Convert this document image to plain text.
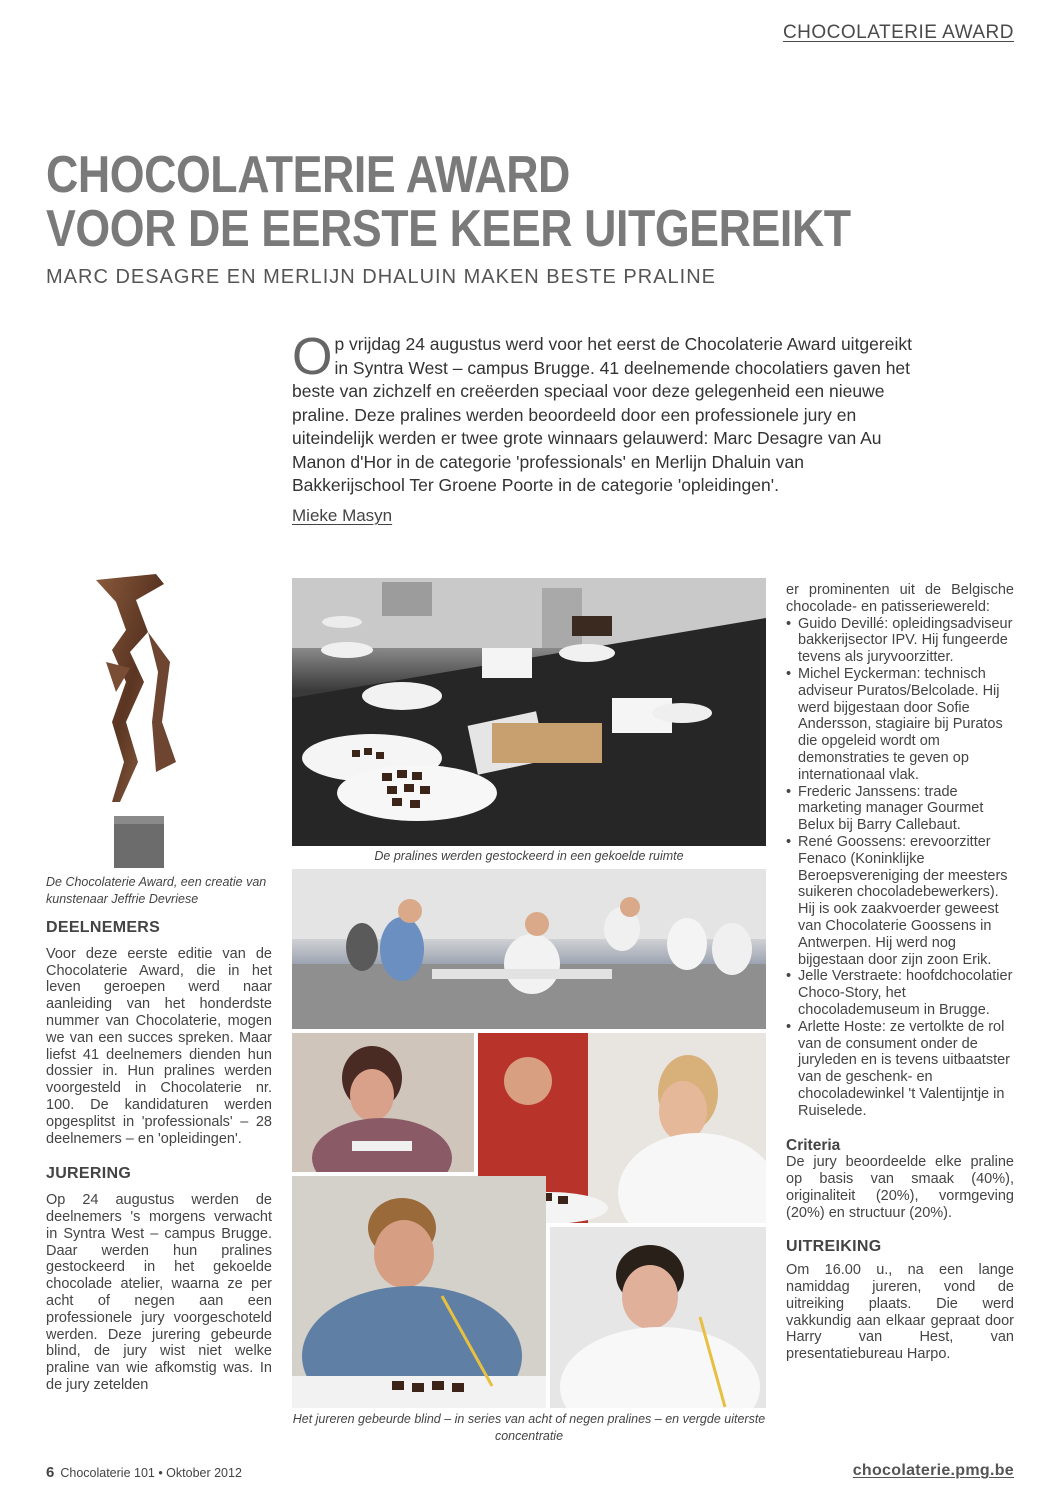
CHOCOLATERIE AWARD
CHOCOLATERIE AWARD
VOOR DE EERSTE KEER UITGEREIKT
MARC DESAGRE EN MERLIJN DHALUIN MAKEN BESTE PRALINE
Op vrijdag 24 augustus werd voor het eerst de Chocolaterie Award uitgereikt in Syntra West – campus Brugge. 41 deelnemende chocolatiers gaven het beste van zichzelf en creëerden speciaal voor deze gelegenheid een nieuwe praline. Deze pralines werden beoordeeld door een professionele jury en uiteindelijk werden er twee grote winnaars gelauwerd: Marc Desagre van Au Manon d'Hor in de categorie 'professionals' en Merlijn Dhaluin van Bakkerijschool Ter Groene Poorte in de categorie 'opleidingen'.
Mieke Masyn
De Chocolaterie Award, een creatie van kunstenaar Jeffrie Devriese
DEELNEMERS

Voor deze eerste editie van de Chocolaterie Award, die in het leven geroepen werd naar aanleiding van het honderdste nummer van Chocolaterie, mogen we van een succes spreken. Maar liefst 41 deelnemers dienden hun dossier in. Hun pralines werden voorgesteld in Chocolaterie nr. 100. De kandidaturen werden opgesplitst in 'professionals' – 28 deelnemers – en 'opleidingen'.

JURERING

Op 24 augustus werden de deelnemers 's morgens verwacht in Syntra West – campus Brugge. Daar werden hun pralines gestockeerd in het gekoelde chocolade atelier, waarna ze per acht of negen aan een professionele jury voorgeschoteld werden. Deze jurering gebeurde blind, de jury wist niet welke praline van wie afkomstig was. In de jury zetelden

De pralines werden gestockeerd in een gekoelde ruimte
Het jureren gebeurde blind – in series van acht of negen pralines – en vergde uiterste concentratie

er prominenten uit de Belgische chocolade- en patisseriewereld:

• Guido Devillé: opleidingsadviseur bakkerijsector IPV. Hij fungeerde tevens als juryvoorzitter.
• Michel Eyckerman: technisch adviseur Puratos/Belcolade. Hij werd bijgestaan door Sofie Andersson, stagiaire bij Puratos die opgeleid wordt om demonstraties te geven op internationaal vlak.
• Frederic Janssens: trade marketing manager Gourmet Belux bij Barry Callebaut.
• René Goossens: erevoorzitter Fenaco (Koninklijke Beroepsvereniging der meesters suikeren chocoladebewerkers). Hij is ook zaakvoerder geweest van Chocolaterie Goossens in Antwerpen. Hij werd nog bijgestaan door zijn zoon Erik.
• Jelle Verstraete: hoofdchocolatier Choco-Story, het chocolademuseum in Brugge.
• Arlette Hoste: ze vertolkte de rol van de consument onder de juryleden en is tevens uitbaatster van de geschenk- en chocoladewinkel 't Valentijntje in Ruiselede.
Criteria

De jury beoordeelde elke praline op basis van smaak (40%), originaliteit (20%), vormgeving (20%) en structuur (20%).

UITREIKING

Om 16.00 u., na een lange namiddag jureren, vond de uitreiking plaats. Die werd vakkundig aan elkaar gepraat door Harry van Hest, van presentatiebureau Harpo.

6 Chocolaterie 101 • Oktober 2012	chocolaterie.pmg.be
